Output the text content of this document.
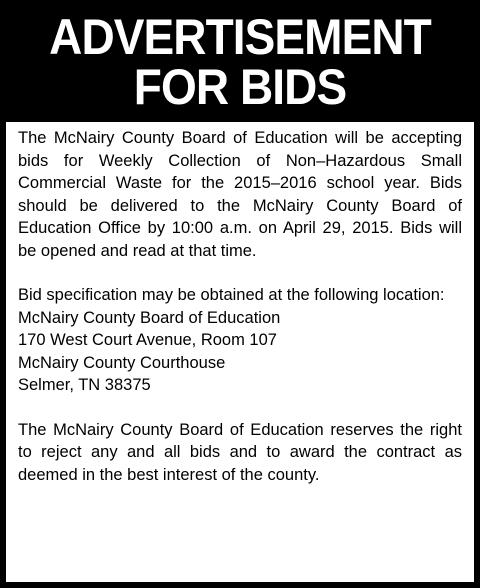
ADVERTISEMENT
FOR BIDS

The McNairy County Board of Education will be accepting bids for Weekly Collection of Non–Hazardous Small Commercial Waste for the 2015–2016 school year. Bids should be delivered to the McNairy County Board of Education Office by 10:00 a.m. on April 29, 2015. Bids will be opened and read at that time.

Bid specification may be obtained at the following location:

McNairy County Board of Education

170 West Court Avenue, Room 107

McNairy County Courthouse

Selmer, TN 38375

The McNairy County Board of Education reserves the right to reject any and all bids and to award the contract as deemed in the best interest of the county.
